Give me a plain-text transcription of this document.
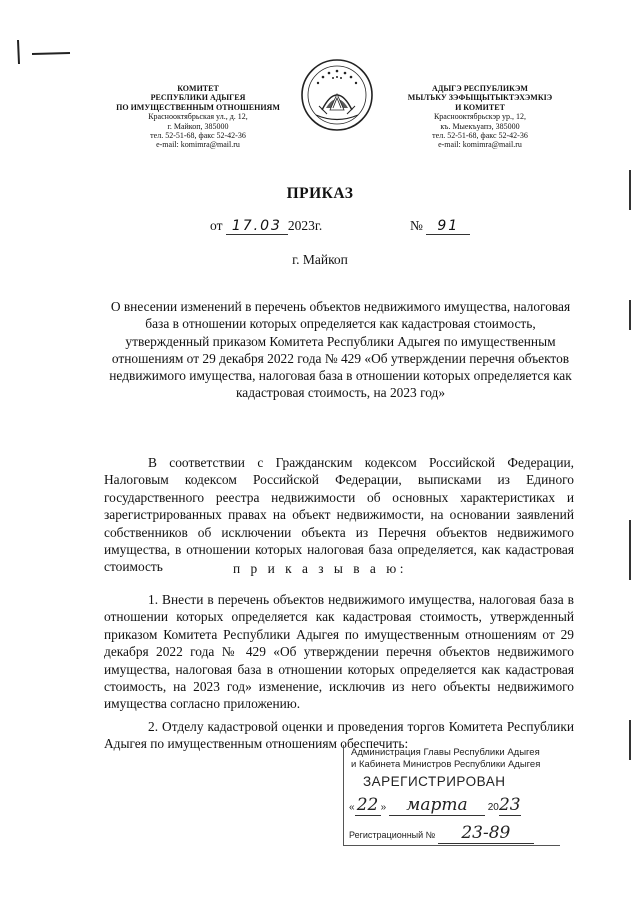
КОМИТЕТ
РЕСПУБЛИКИ АДЫГЕЯ
ПО ИМУЩЕСТВЕННЫМ ОТНОШЕНИЯМ
Краснооктябрьская ул., д. 12,
г. Майкоп, 385000
тел. 52-51-68, факс 52-42-36
e-mail: komimra@mail.ru
АДЫГЭ РЕСПУБЛИКЭМ
МЫЛЪКУ ЗЭФЫЩЫТЫКТЭХЭМКIЭ
И КОМИТЕТ
Краснооктябрьскэр ур., 12,
къ. Мыекъуапэ, 385000
тел. 52-51-68, факс 52-42-36
e-mail: komimra@mail.ru
ПРИКАЗ
от 17.03 2023г.	№ 91
г. Майкоп
О внесении изменений в перечень объектов недвижимого имущества, налоговая база в отношении которых определяется как кадастровая стоимость, утвержденный приказом Комитета Республики Адыгея по имущественным отношениям от 29 декабря 2022 года № 429 «Об утверждении перечня объектов недвижимого имущества, налоговая база в отношении которых определяется как кадастровая стоимость, на 2023 год»
В соответствии с Гражданским кодексом Российской Федерации, Налоговым кодексом Российской Федерации, выписками из Единого государственного реестра недвижимости об основных характеристиках и зарегистрированных правах на объект недвижимости, на основании заявлений собственников об исключении объекта из Перечня объектов недвижимого имущества, в отношении которых налоговая база определяется, как кадастровая стоимость	п р и к а з ы в а ю:
1. Внести в перечень объектов недвижимого имущества, налоговая база в отношении которых определяется как кадастровая стоимость, утвержденный приказом Комитета Республики Адыгея по имущественным отношениям от 29 декабря 2022 года № 429 «Об утверждении перечня объектов недвижимого имущества, налоговая база в отношении которых определяется как кадастровая стоимость, на 2023 год» изменение, исключив из него объекты недвижимого имущества согласно приложению.
2. Отделу кадастровой оценки и проведения торгов Комитета Республики Адыгея по имущественным отношениям обеспечить:
Администрация Главы Республики Адыгея
и Кабинета Министров Республики Адыгея
ЗАРЕГИСТРИРОВАН
« 22 » марта 2023
Регистрационный № 23-89
